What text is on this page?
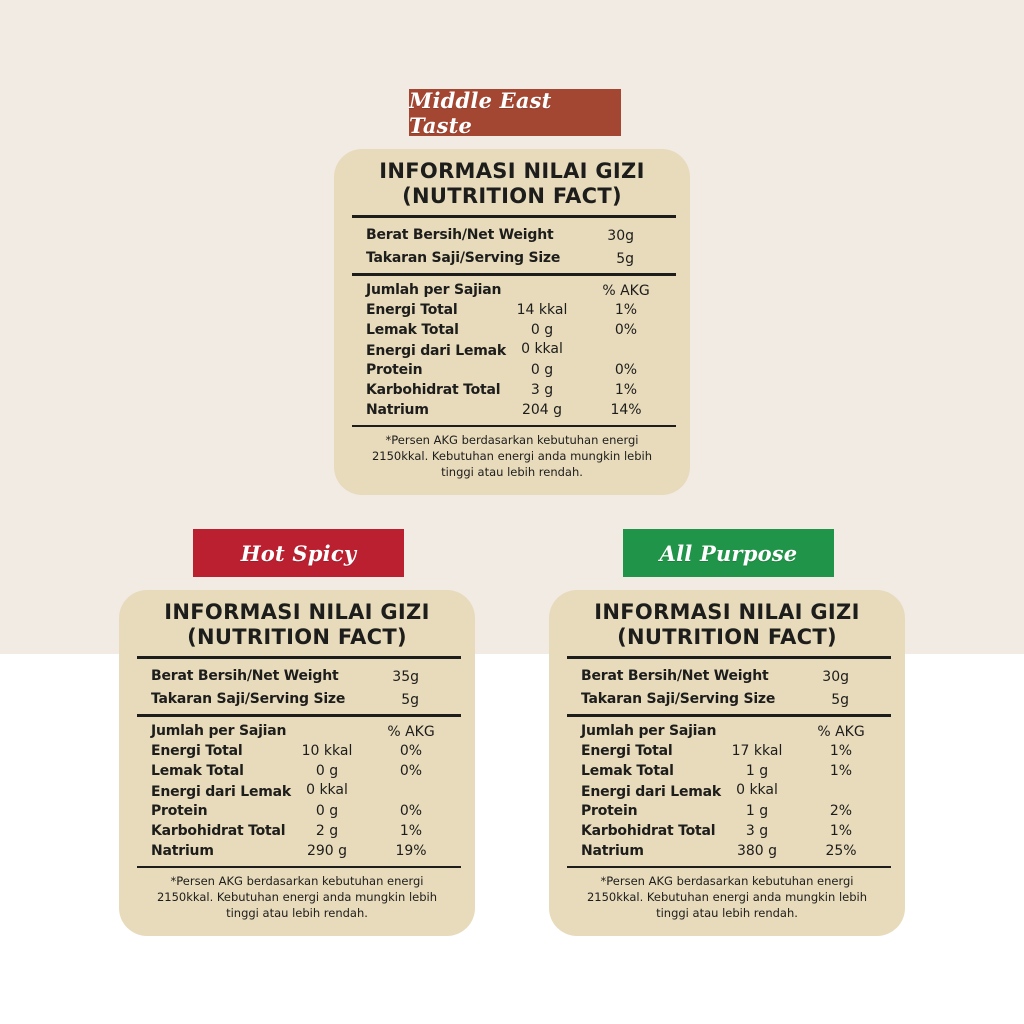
Middle East Taste
Hot Spicy	All Purpose
INFORMASI NILAI GIZI
(NUTRITION FACT)
Berat Bersih/Net Weight	30g
Takaran Saji/Serving Size	5g
Jumlah per Sajian	% AKG
Energi Total	14 kkal	1%
Lemak Total	0 g	0%
Energi dari Lemak	0 kkal
Protein	0 g	0%
Karbohidrat Total	3 g	1%
Natrium	204 g	14%
*Persen AKG berdasarkan kebutuhan energi 2150kkal. Kebutuhan energi anda mungkin lebih tinggi atau lebih rendah.
INFORMASI NILAI GIZI
(NUTRITION FACT)
Berat Bersih/Net Weight	35g
Takaran Saji/Serving Size	5g
Jumlah per Sajian	% AKG
Energi Total	10 kkal	0%
Lemak Total	0 g	0%
Energi dari Lemak	0 kkal
Protein	0 g	0%
Karbohidrat Total	2 g	1%
Natrium	290 g	19%
*Persen AKG berdasarkan kebutuhan energi 2150kkal. Kebutuhan energi anda mungkin lebih tinggi atau lebih rendah.
INFORMASI NILAI GIZI
(NUTRITION FACT)
Berat Bersih/Net Weight	30g
Takaran Saji/Serving Size	5g
Jumlah per Sajian	% AKG
Energi Total	17 kkal	1%
Lemak Total	1 g	1%
Energi dari Lemak	0 kkal
Protein	1 g	2%
Karbohidrat Total	3 g	1%
Natrium	380 g	25%
*Persen AKG berdasarkan kebutuhan energi 2150kkal. Kebutuhan energi anda mungkin lebih tinggi atau lebih rendah.
